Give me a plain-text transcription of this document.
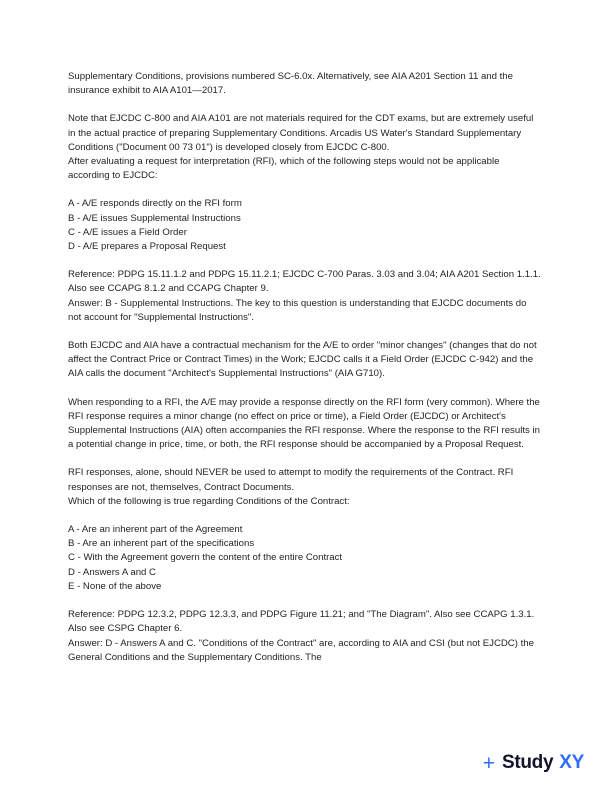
Supplementary Conditions, provisions numbered SC-6.0x. Alternatively, see AIA A201 Section 11 and the insurance exhibit to AIA A101—2017.

Note that EJCDC C-800 and AIA A101 are not materials required for the CDT exams, but are extremely useful in the actual practice of preparing Supplementary Conditions. Arcadis US Water's Standard Supplementary Conditions ("Document 00 73 01") is developed closely from EJCDC C-800.

After evaluating a request for interpretation (RFI), which of the following steps would not be applicable according to EJCDC:

A - A/E responds directly on the RFI form

B - A/E issues Supplemental Instructions

C - A/E issues a Field Order

D - A/E prepares a Proposal Request

Reference: PDPG 15.11.1.2 and PDPG 15.11.2.1; EJCDC C-700 Paras. 3.03 and 3.04; AIA A201 Section 1.1.1. Also see CCAPG 8.1.2 and CCAPG Chapter 9.

Answer: B - Supplemental Instructions. The key to this question is understanding that EJCDC documents do not account for "Supplemental Instructions".

Both EJCDC and AIA have a contractual mechanism for the A/E to order "minor changes" (changes that do not affect the Contract Price or Contract Times) in the Work; EJCDC calls it a Field Order (EJCDC C-942) and the AIA calls the document "Architect's Supplemental Instructions" (AIA G710).

When responding to a RFI, the A/E may provide a response directly on the RFI form (very common). Where the RFI response requires a minor change (no effect on price or time), a Field Order (EJCDC) or Architect's Supplemental Instructions (AIA) often accompanies the RFI response. Where the response to the RFI results in a potential change in price, time, or both, the RFI response should be accompanied by a Proposal Request.

RFI responses, alone, should NEVER be used to attempt to modify the requirements of the Contract. RFI responses are not, themselves, Contract Documents.

Which of the following is true regarding Conditions of the Contract:

A - Are an inherent part of the Agreement

B - Are an inherent part of the specifications

C - With the Agreement govern the content of the entire Contract

D - Answers A and C

E - None of the above

Reference: PDPG 12.3.2, PDPG 12.3.3, and PDPG Figure 11.21; and "The Diagram". Also see CCAPG 1.3.1. Also see CSPG Chapter 6.

Answer: D - Answers A and C. "Conditions of the Contract" are, according to AIA and CSI (but not EJCDC) the General Conditions and the Supplementary Conditions. The

+ Study XY
